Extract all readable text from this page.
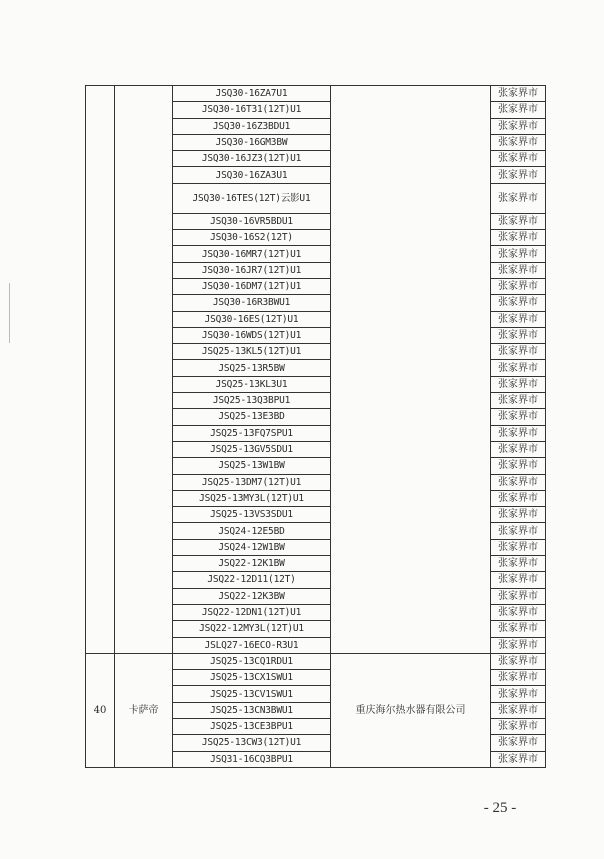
		JSQ30-16ZA7U1		张家界市
		JSQ30-16T31(12T)U1		张家界市
		JSQ30-16Z3BDU1		张家界市
		JSQ30-16GM3BW		张家界市
		JSQ30-16JZ3(12T)U1		张家界市
		JSQ30-16ZA3U1		张家界市
		JSQ30-16TES(12T)云影U1		张家界市
		JSQ30-16VR5BDU1		张家界市
		JSQ30-16S2(12T)		张家界市
		JSQ30-16MR7(12T)U1		张家界市
		JSQ30-16JR7(12T)U1		张家界市
		JSQ30-16DM7(12T)U1		张家界市
		JSQ30-16R3BWU1		张家界市
		JSQ30-16ES(12T)U1		张家界市
		JSQ30-16WDS(12T)U1		张家界市
		JSQ25-13KL5(12T)U1		张家界市
		JSQ25-13R5BW		张家界市
		JSQ25-13KL3U1		张家界市
		JSQ25-13Q3BPU1		张家界市
		JSQ25-13E3BD		张家界市
		JSQ25-13FQ7SPU1		张家界市
		JSQ25-13GV5SDU1		张家界市
		JSQ25-13W1BW		张家界市
		JSQ25-13DM7(12T)U1		张家界市
		JSQ25-13MY3L(12T)U1		张家界市
		JSQ25-13VS3SDU1		张家界市
		JSQ24-12E5BD		张家界市
		JSQ24-12W1BW		张家界市
		JSQ22-12K1BW		张家界市
		JSQ22-12D11(12T)		张家界市
		JSQ22-12K3BW		张家界市
		JSQ22-12DN1(12T)U1		张家界市
		JSQ22-12MY3L(12T)U1		张家界市
		JSLQ27-16ECO-R3U1		张家界市
40	卡萨帝	JSQ25-13CQ1RDU1	重庆海尔热水器有限公司	张家界市
		JSQ25-13CX1SWU1		张家界市
		JSQ25-13CV1SWU1		张家界市
		JSQ25-13CN3BWU1		张家界市
		JSQ25-13CE3BPU1		张家界市
		JSQ25-13CW3(12T)U1		张家界市
		JSQ31-16CQ3BPU1		张家界市
- 25 -
